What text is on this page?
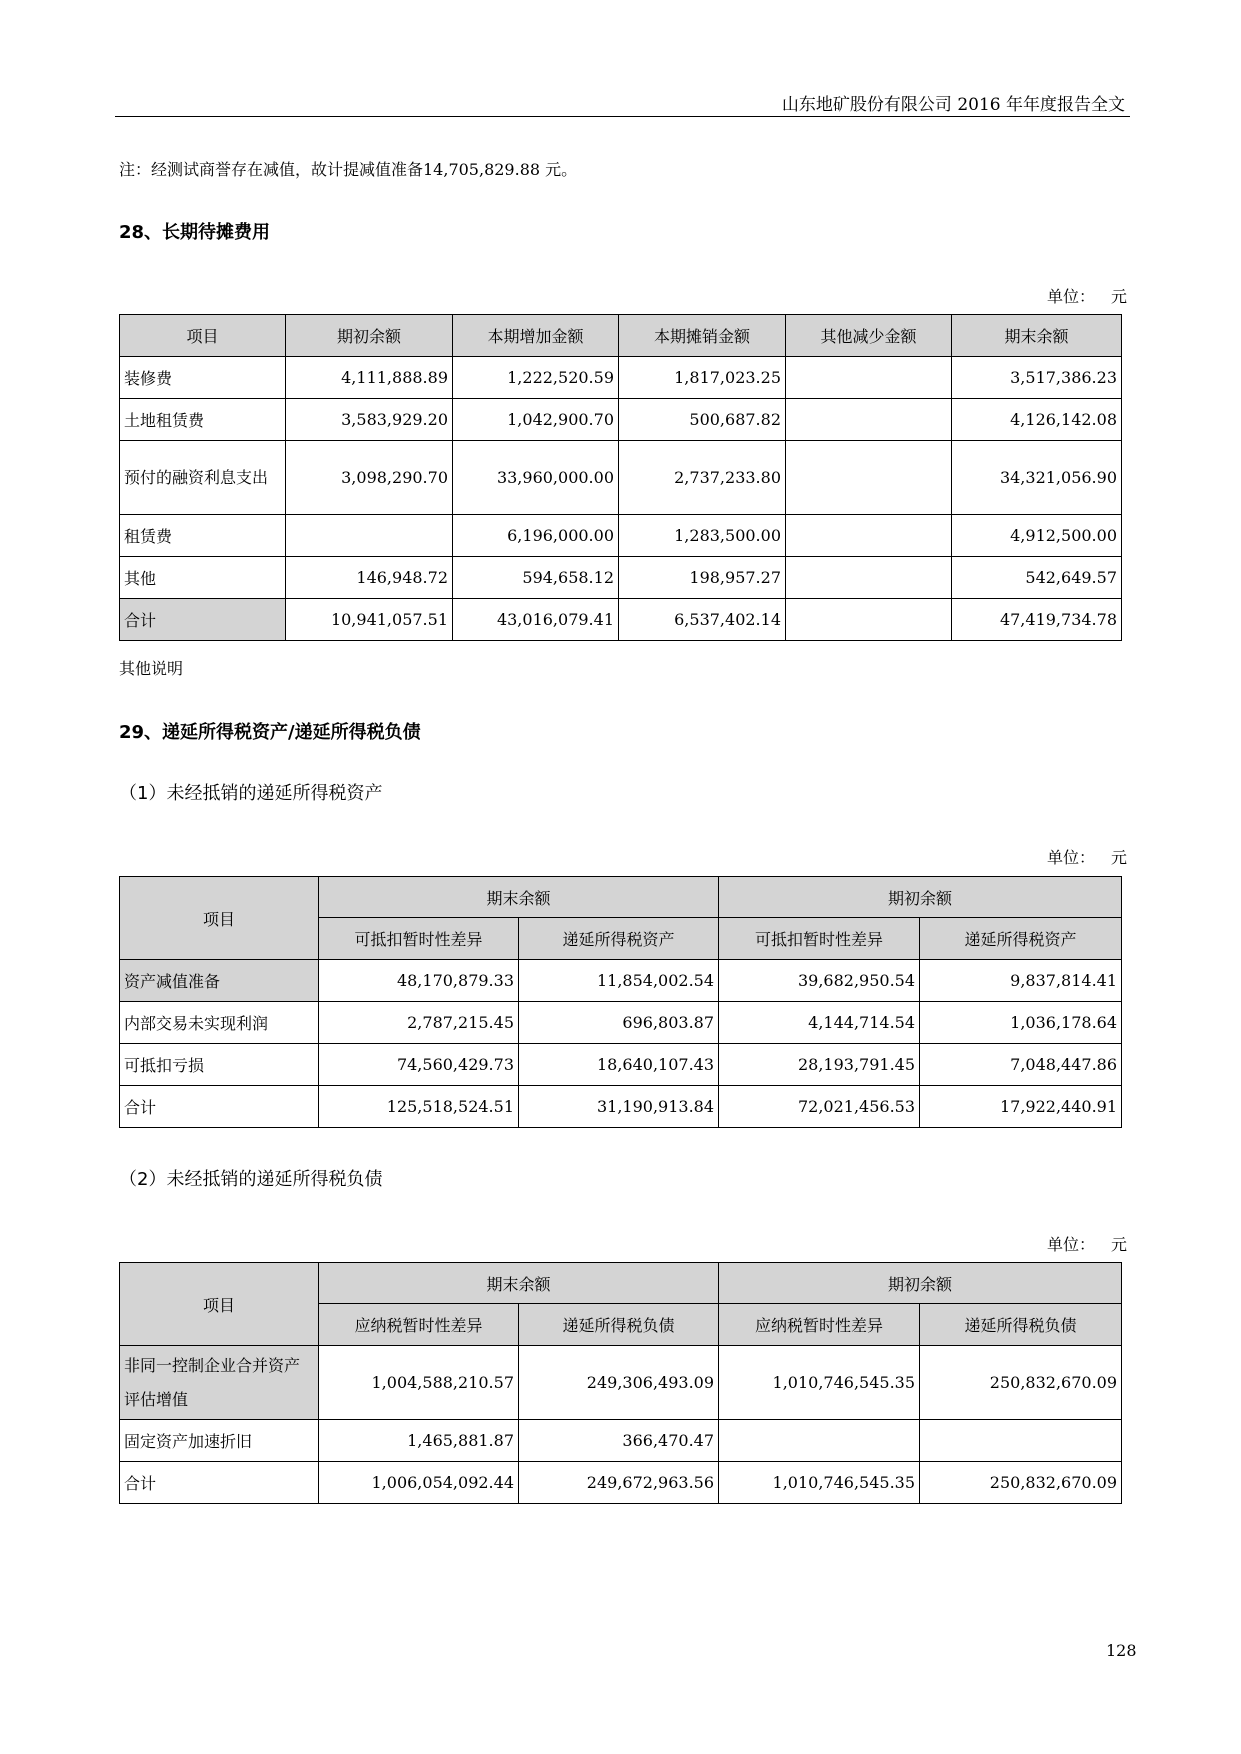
山东地矿股份有限公司 2016 年年度报告全文
注：经测试商誉存在减值，故计提减值准备14,705,829.88 元。
28、长期待摊费用
单位： 元
项目	期初余额	本期增加金额	本期摊销金额	其他减少金额	期末余额
装修费	4,111,888.89	1,222,520.59	1,817,023.25		3,517,386.23
土地租赁费	3,583,929.20	1,042,900.70	500,687.82		4,126,142.08
预付的融资利息支出	3,098,290.70	33,960,000.00	2,737,233.80		34,321,056.90
租赁费		6,196,000.00	1,283,500.00		4,912,500.00
其他	146,948.72	594,658.12	198,957.27		542,649.57
合计	10,941,057.51	43,016,079.41	6,537,402.14		47,419,734.78
其他说明
29、递延所得税资产/递延所得税负债
（1）未经抵销的递延所得税资产
单位： 元
项目	期末余额		期初余额	
	可抵扣暂时性差异	递延所得税资产	可抵扣暂时性差异	递延所得税资产
资产减值准备	48,170,879.33	11,854,002.54	39,682,950.54	9,837,814.41
内部交易未实现利润	2,787,215.45	696,803.87	4,144,714.54	1,036,178.64
可抵扣亏损	74,560,429.73	18,640,107.43	28,193,791.45	7,048,447.86
合计	125,518,524.51	31,190,913.84	72,021,456.53	17,922,440.91
（2）未经抵销的递延所得税负债
单位： 元
项目	期末余额		期初余额	
	应纳税暂时性差异	递延所得税负债	应纳税暂时性差异	递延所得税负债
非同一控制企业合并资产评估增值	1,004,588,210.57	249,306,493.09	1,010,746,545.35	250,832,670.09
固定资产加速折旧	1,465,881.87	366,470.47		
合计	1,006,054,092.44	249,672,963.56	1,010,746,545.35	250,832,670.09
128
